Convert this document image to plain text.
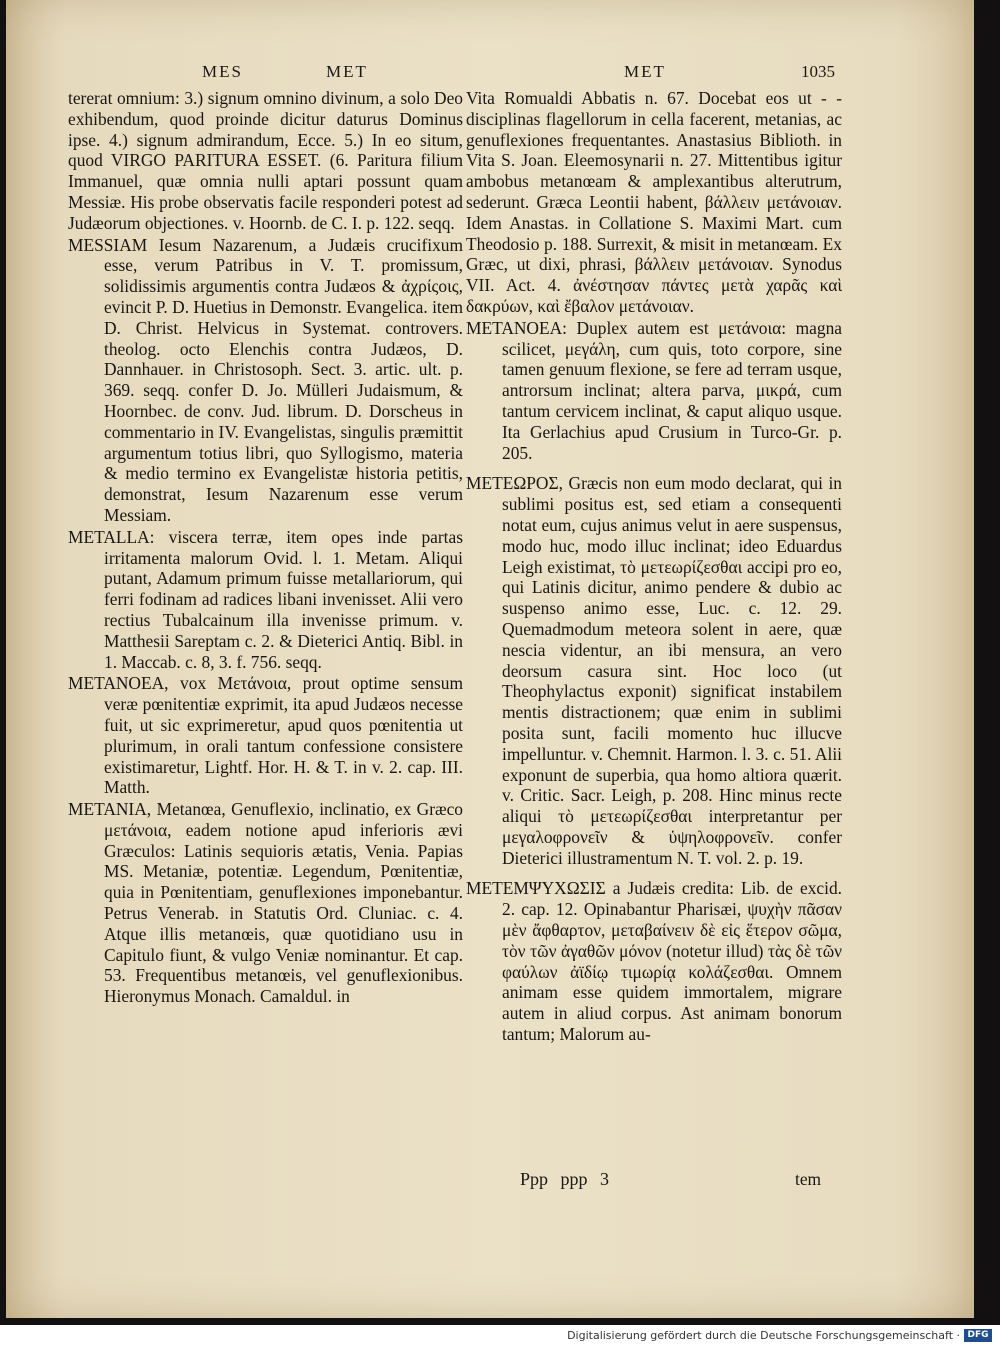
MES	MET	MET	1035

tererat omnium: 3.) signum omnino divinum, a solo Deo exhibendum, quod proinde dicitur daturus Dominus ipse. 4.) signum admirandum, Ecce. 5.) In eo situm, quod VIRGO PARITURA ESSET. (6. Paritura filium Immanuel, quæ omnia nulli aptari possunt quam Messiæ. His probe observatis facile responderi potest ad Judæorum objectiones. v. Hoornb. de C. I. p. 122. seqq.

MESSIAM Iesum Nazarenum, a Judæis crucifixum esse, verum Patribus in V. T. promissum, solidissimis argumentis contra Judæos & ἀχρίςοις, evincit P. D. Huetius in Demonstr. Evangelica. item D. Christ. Helvicus in Systemat. controvers. theolog. octo Elenchis contra Judæos, D. Dannhauer. in Christosoph. Sect. 3. artic. ult. p. 369. seqq. confer D. Jo. Mülleri Judaismum, & Hoornbec. de conv. Jud. librum. D. Dorscheus in commentario in IV. Evangelistas, singulis præmittit argumentum totius libri, quo Syllogismo, materia & medio termino ex Evangelistæ historia petitis, demonstrat, Iesum Nazarenum esse verum Messiam.

METALLA: viscera terræ, item opes inde partas irritamenta malorum Ovid. l. 1. Metam. Aliqui putant, Adamum primum fuisse metallariorum, qui ferri fodinam ad radices libani invenisset. Alii vero rectius Tubalcainum illa invenisse primum. v. Matthesii Sareptam c. 2. & Dieterici Antiq. Bibl. in 1. Maccab. c. 8, 3. f. 756. seqq.

METANOEA, vox Μετάνοια, prout optime sensum veræ pœnitentiæ exprimit, ita apud Judæos necesse fuit, ut sic exprimeretur, apud quos pœnitentia ut plurimum, in orali tantum confessione consistere existimaretur, Lightf. Hor. H. & T. in v. 2. cap. III. Matth.

METANIA, Metanœa, Genuflexio, inclinatio, ex Græco μετάνοια, eadem notione apud inferioris ævi Græculos: Latinis sequioris ætatis, Venia. Papias MS. Metaniæ, potentiæ. Legendum, Pœnitentiæ, quia in Pœnitentiam, genuflexiones imponebantur. Petrus Venerab. in Statutis Ord. Cluniac. c. 4. Atque illis metanœis, quæ quotidiano usu in Capitulo fiunt, & vulgo Veniæ nominantur. Et cap. 53. Frequentibus metanœis, vel genuflexionibus. Hieronymus Monach. Camaldul. in

Vita Romualdi Abbatis n. 67. Docebat eos ut - - disciplinas flagellorum in cella facerent, metanias, ac genuflexiones frequentantes. Anastasius Biblioth. in Vita S. Joan. Eleemosynarii n. 27. Mittentibus igitur ambobus metanœam & amplexantibus alterutrum, sederunt. Græca Leontii habent, βάλλειν μετάνοιαν. Idem Anastas. in Collatione S. Maximi Mart. cum Theodosio p. 188. Surrexit, & misit in metanœam. Ex Græc, ut dixi, phrasi, βάλλειν μετάνοιαν. Synodus VII. Act. 4. ἀνέστησαν πάντες μετὰ χαρᾶς καὶ δακρύων, καὶ ἔβαλον μετάνοιαν.

METANOEA: Duplex autem est μετάνοια: magna scilicet, μεγάλη, cum quis, toto corpore, sine tamen genuum flexione, se fere ad terram usque, antrorsum inclinat; altera parva, μικρά, cum tantum cervicem inclinat, & caput aliquo usque. Ita Gerlachius apud Crusium in Turco-Gr. p. 205.

ΜΕΤΕΩΡΟΣ, Græcis non eum modo declarat, qui in sublimi positus est, sed etiam a consequenti notat eum, cujus animus velut in aere suspensus, modo huc, modo illuc inclinat; ideo Eduardus Leigh existimat, τὸ μετεωρίζεσθαι accipi pro eo, qui Latinis dicitur, animo pendere & dubio ac suspenso animo esse, Luc. c. 12. 29. Quemadmodum meteora solent in aere, quæ nescia videntur, an ibi mensura, an vero deorsum casura sint. Hoc loco (ut Theophylactus exponit) significat instabilem mentis distractionem; quæ enim in sublimi posita sunt, facili momento huc illucve impelluntur. v. Chemnit. Harmon. l. 3. c. 51. Alii exponunt de superbia, qua homo altiora quærit. v. Critic. Sacr. Leigh, p. 208. Hinc minus recte aliqui τὸ μετεωρίζεσθαι interpretantur per μεγαλοφρονεῖν & ὑψηλοφρονεῖν. confer Dieterici illustramentum N. T. vol. 2. p. 19.

ΜΕΤΕΜΨΥΧΩΣΙΣ a Judæis credita: Lib. de excid. 2. cap. 12. Opinabantur Pharisæi, ψυχὴν πᾶσαν μὲν ἄφθαρτον, μεταβαίνειν δὲ εἰς ἕτερον σῶμα, τὸν τῶν ἀγαθῶν μόνον (notetur illud) τὰς δὲ τῶν φαύλων ἀϊδίῳ τιμωρίᾳ κολάζεσθαι. Omnem animam esse quidem immortalem, migrare autem in aliud corpus. Ast animam bonorum tantum; Malorum au-

Ppp ppp 3	tem
Digitalisierung gefördert durch die Deutsche Forschungsgemeinschaft · DFG
